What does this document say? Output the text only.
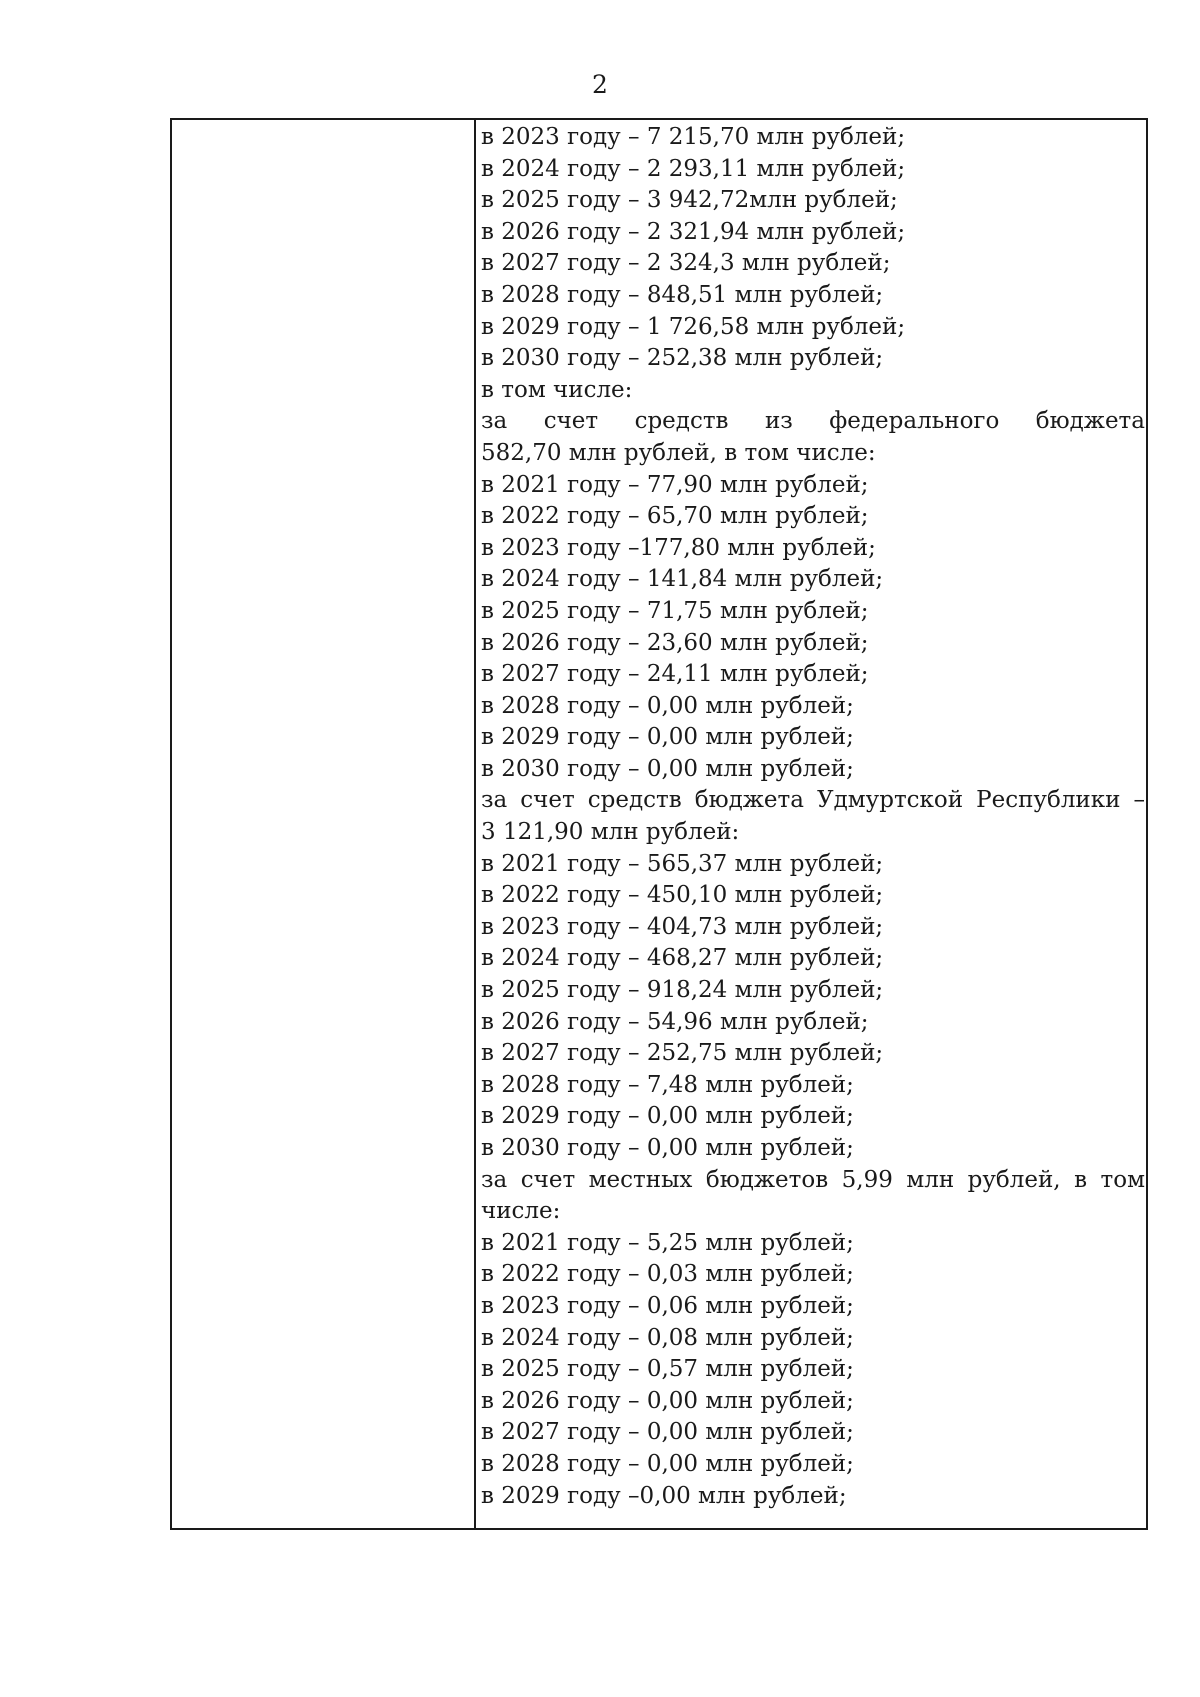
2
в 2023 году – 7 215,70 млн рублей;
в 2024 году – 2 293,11 млн рублей;
в 2025 году – 3 942,72млн рублей;
в 2026 году – 2 321,94 млн рублей;
в 2027 году – 2 324,3 млн рублей;
в 2028 году – 848,51 млн рублей;
в 2029 году – 1 726,58 млн рублей;
в 2030 году – 252,38 млн рублей;
в том числе:
за счет средств из федерального бюджета
582,70 млн рублей, в том числе:
в 2021 году – 77,90 млн рублей;
в 2022 году – 65,70 млн рублей;
в 2023 году –177,80 млн рублей;
в 2024 году – 141,84 млн рублей;
в 2025 году – 71,75 млн рублей;
в 2026 году – 23,60 млн рублей;
в 2027 году – 24,11 млн рублей;
в 2028 году – 0,00 млн рублей;
в 2029 году – 0,00 млн рублей;
в 2030 году – 0,00 млн рублей;
за счет средств бюджета Удмуртской Республики –
3 121,90 млн рублей:
в 2021 году – 565,37 млн рублей;
в 2022 году – 450,10 млн рублей;
в 2023 году – 404,73 млн рублей;
в 2024 году – 468,27 млн рублей;
в 2025 году – 918,24 млн рублей;
в 2026 году – 54,96 млн рублей;
в 2027 году – 252,75 млн рублей;
в 2028 году – 7,48 млн рублей;
в 2029 году – 0,00 млн рублей;
в 2030 году – 0,00 млн рублей;
за счет местных бюджетов 5,99 млн рублей, в том
числе:
в 2021 году – 5,25 млн рублей;
в 2022 году – 0,03 млн рублей;
в 2023 году – 0,06 млн рублей;
в 2024 году – 0,08 млн рублей;
в 2025 году – 0,57 млн рублей;
в 2026 году – 0,00 млн рублей;
в 2027 году – 0,00 млн рублей;
в 2028 году – 0,00 млн рублей;
в 2029 году –0,00 млн рублей;
